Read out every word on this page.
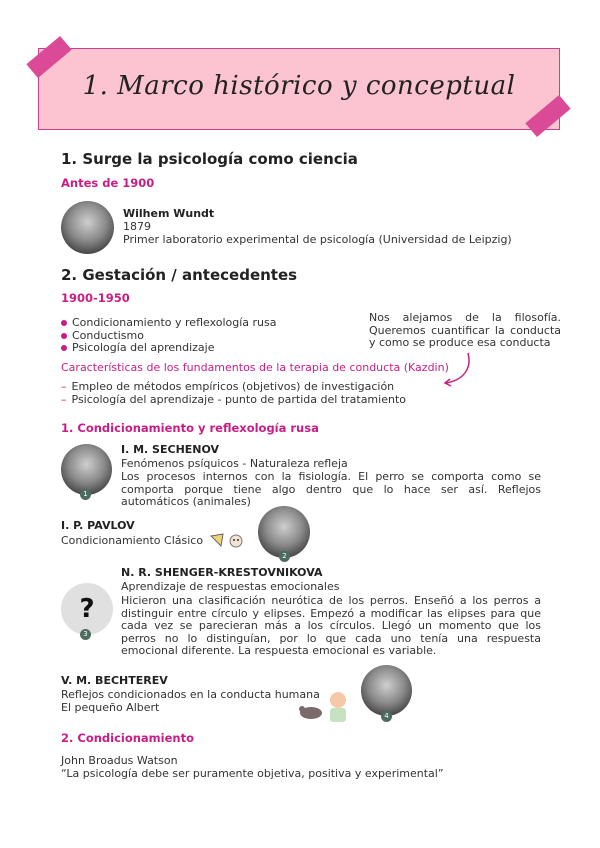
1. Marco histórico y conceptual
1. Surge la psicología como ciencia
Antes de 1900
Wilhem Wundt
1879
Primer laboratorio experimental de psicología (Universidad de Leipzig)
2. Gestación / antecedentes
1900-1950
Condicionamiento y reflexología rusa
Conductismo
Psicología del aprendizaje
Nos alejamos de la filosofía. Queremos cuantificar la conducta y como se produce esa conducta
Características de los fundamentos de la terapia de conducta (Kazdin)
– Empleo de métodos empíricos (objetivos) de investigación
– Psicología del aprendizaje - punto de partida del tratamiento
1. Condicionamiento y reflexología rusa
1
I. M. SECHENOV
Fenómenos psíquicos - Naturaleza refleja
Los procesos internos con la fisiología. El perro se comporta como se comporta porque tiene algo dentro que lo hace ser así. Reflejos automáticos (animales)
I. P. PAVLOV
Condicionamiento Clásico
2
?
3
N. R. SHENGER-KRESTOVNIKOVA
Aprendizaje de respuestas emocionales
Hicieron una clasificación neurótica de los perros. Enseñó a los perros a distinguir entre círculo y elipses. Empezó a modificar las elipses para que cada vez se parecieran más a los círculos. Llegó un momento que los perros no lo distinguían, por lo que cada uno tenía una respuesta emocional diferente. La respuesta emocional es variable.
V. M. BECHTEREV
Reflejos condicionados en la conducta humana
El pequeño Albert
4
2. Condicionamiento
John Broadus Watson
“La psicología debe ser puramente objetiva, positiva y experimental”
